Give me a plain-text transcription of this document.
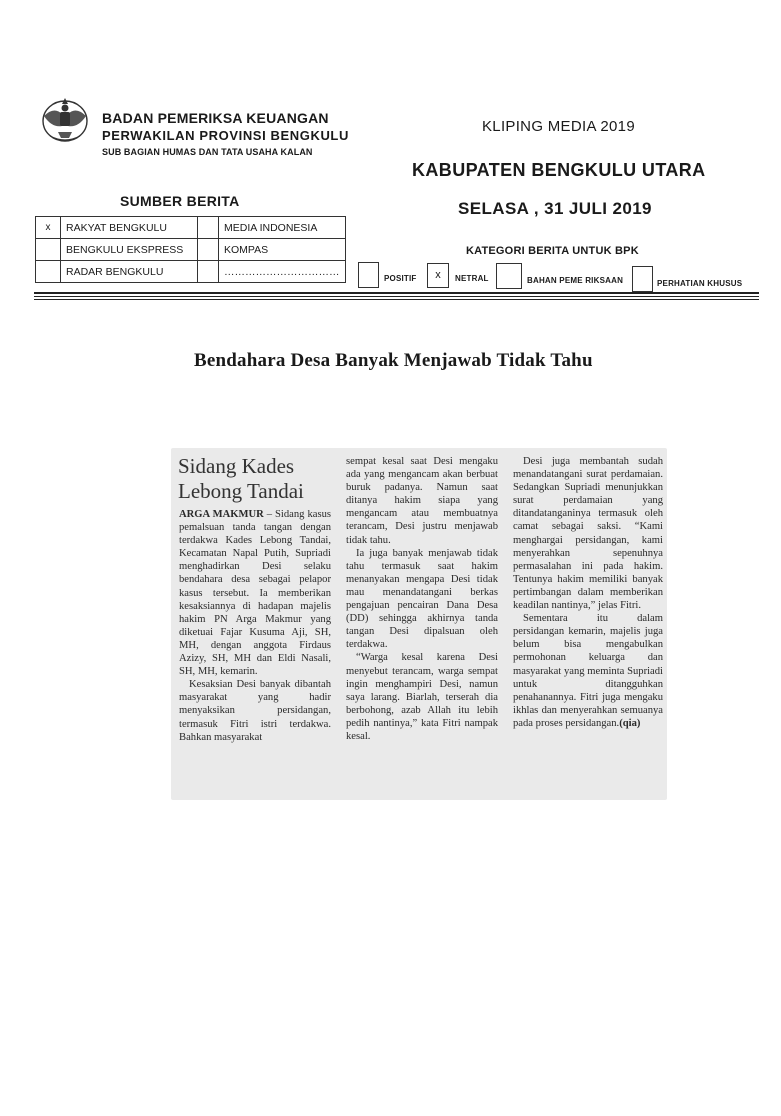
BADAN PEMERIKSA KEUANGAN
PERWAKILAN PROVINSI BENGKULU
SUB BAGIAN HUMAS DAN TATA USAHA KALAN
KLIPING MEDIA 2019
KABUPATEN BENGKULU UTARA
SELASA , 31 JULI 2019
SUMBER BERITA
x	RAKYAT BENGKULU		MEDIA INDONESIA
	BENGKULU EKSPRESS		KOMPAS
	RADAR BENGKULU		……………………………
KATEGORI BERITA UNTUK BPK
POSITIF	x	NETRAL	BAHAN PEME RIKSAAN	PERHATIAN KHUSUS
Bendahara Desa Banyak Menjawab Tidak Tahu
Sidang Kades
Lebong Tandai

ARGA MAKMUR – Sidang kasus pemalsuan tanda tangan dengan terdakwa Kades Lebong Tandai, Kecamatan Napal Putih, Supriadi menghadirkan Desi selaku bendahara desa sebagai pelapor kasus tersebut. Ia memberikan kesaksiannya di hadapan majelis hakim PN Arga Makmur yang diketuai Fajar Kusuma Aji, SH, MH, dengan anggota Firdaus Azizy, SH, MH dan Eldi Nasali, SH, MH, kemarin.

Kesaksian Desi banyak dibantah masyarakat yang hadir menyaksikan persidangan, termasuk Fitri istri terdakwa. Bahkan masyarakat

sempat kesal saat Desi mengaku ada yang mengancam akan berbuat buruk padanya. Namun saat ditanya hakim siapa yang mengancam atau membuatnya terancam, Desi justru menjawab tidak tahu.

Ia juga banyak menjawab tidak tahu termasuk saat hakim menanyakan mengapa Desi tidak mau menandatangani berkas pengajuan pencairan Dana Desa (DD) sehingga akhirnya tanda tangan Desi dipalsuan oleh terdakwa.

“Warga kesal karena Desi menyebut terancam, warga sempat ingin menghampiri Desi, namun saya larang. Biarlah, terserah dia berbohong, azab Allah itu lebih pedih nantinya,” kata Fitri nampak kesal.

Desi juga membantah sudah menandatangani surat perdamaian. Sedangkan Supriadi menunjukkan surat perdamaian yang ditandatanganinya termasuk oleh camat sebagai saksi. “Kami menghargai persidangan, kami menyerahkan sepenuhnya permasalahan ini pada hakim. Tentunya hakim memiliki banyak pertimbangan dalam memberikan keadilan nantinya,” jelas Fitri.

Sementara itu dalam persidangan kemarin, majelis juga belum bisa mengabulkan permohonan keluarga dan masyarakat yang meminta Supriadi untuk ditangguhkan penahanannya. Fitri juga mengaku ikhlas dan menyerahkan semuanya pada proses persidangan.(qia)
